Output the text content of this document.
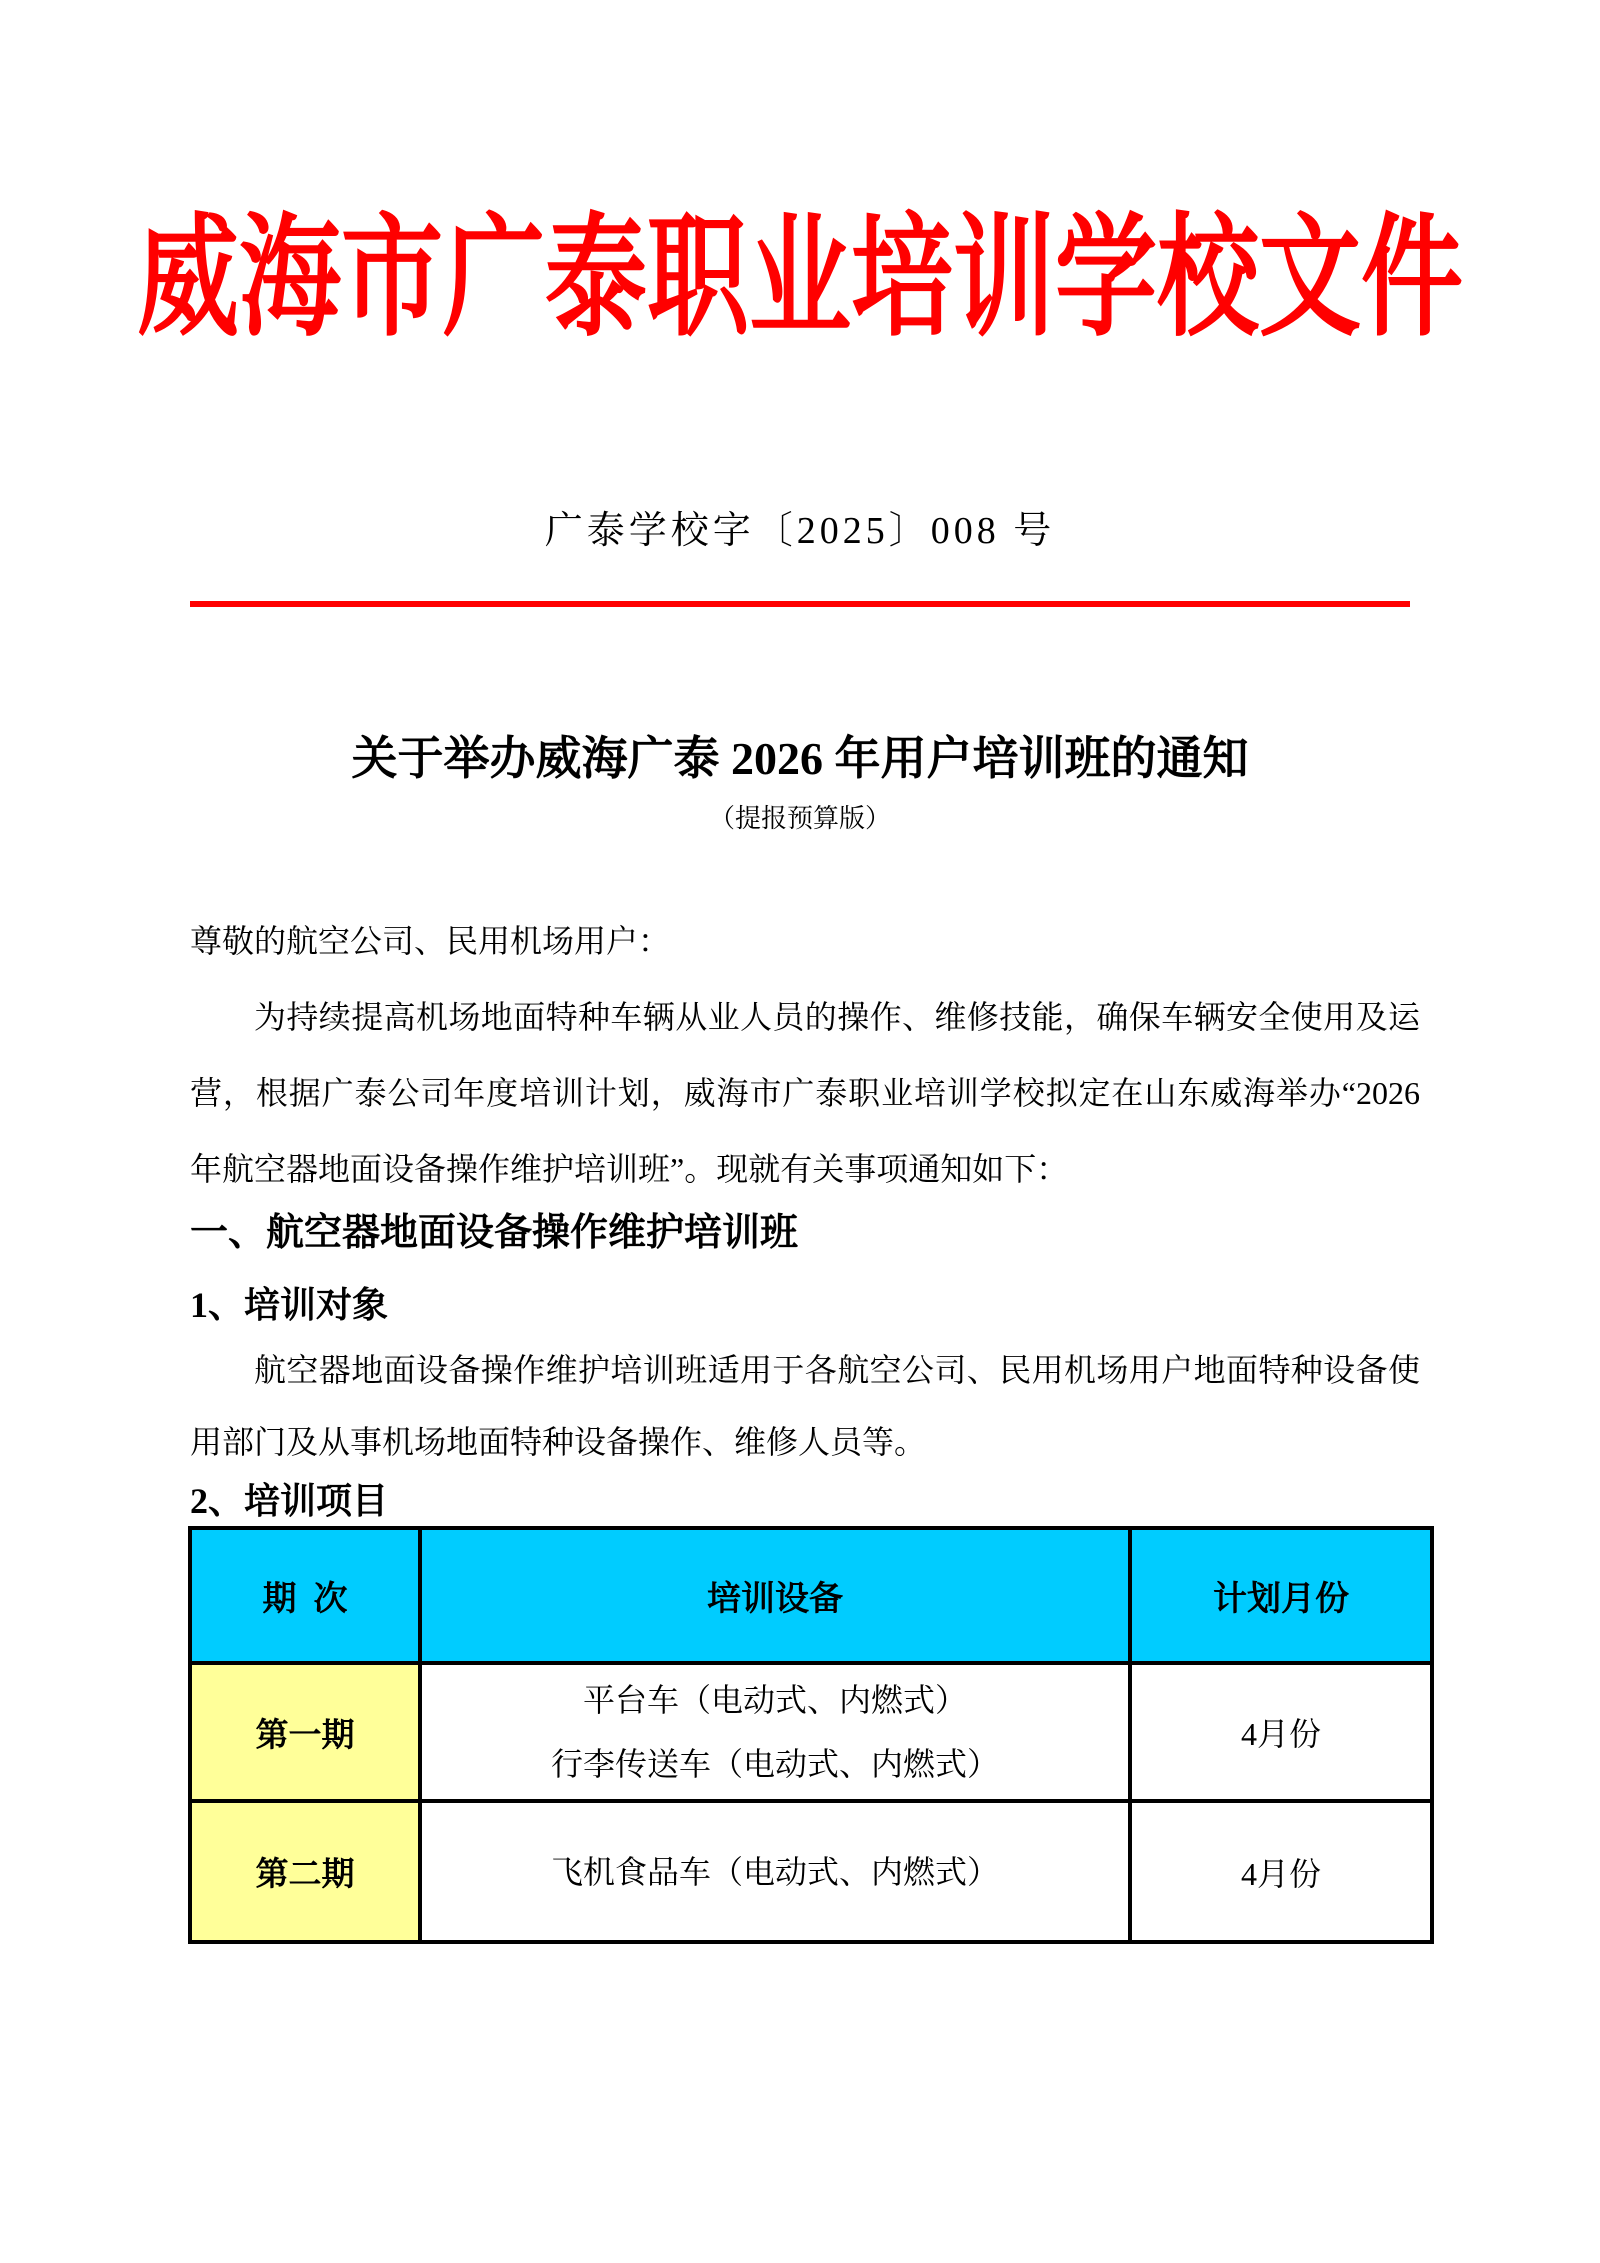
威海市广泰职业培训学校文件
广泰学校字〔2025〕008 号
关于举办威海广泰 2026 年用户培训班的通知
（提报预算版）
尊敬的航空公司、民用机场用户：
为持续提高机场地面特种车辆从业人员的操作、维修技能，确保车辆安全使用及运营，根据广泰公司年度培训计划，威海市广泰职业培训学校拟定在山东威海举办“2026年航空器地面设备操作维护培训班”。现就有关事项通知如下：
一、航空器地面设备操作维护培训班
1、培训对象
航空器地面设备操作维护培训班适用于各航空公司、民用机场用户地面特种设备使用部门及从事机场地面特种设备操作、维修人员等。
2、培训项目
期  次	培训设备	计划月份
第一期	平台车（电动式、内燃式）
行李传送车（电动式、内燃式）	4月份
第二期	飞机食品车（电动式、内燃式）	4月份
